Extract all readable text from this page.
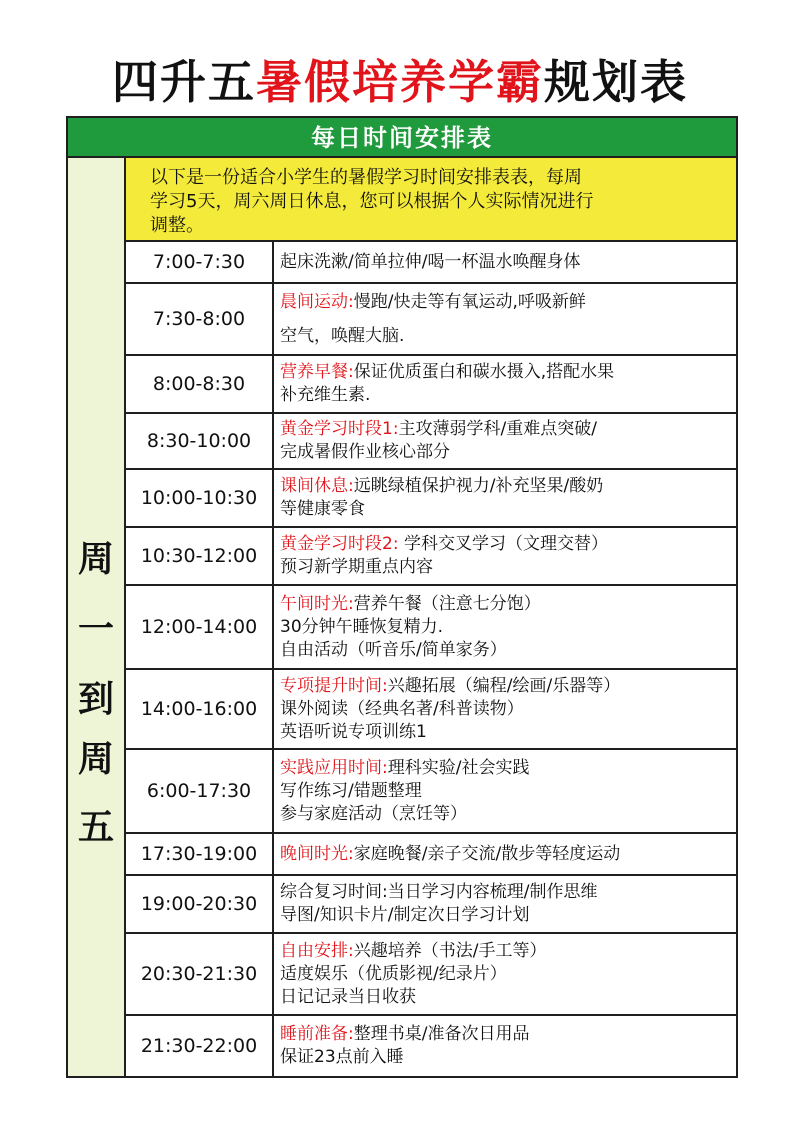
四升五暑假培养学霸规划表
每日时间安排表
周
一
到
周
五
以下是一份适合小学生的暑假学习时间安排表表，每周
学习5天，周六周日休息，您可以根据个人实际情况进行
调整。
7:00-7:30	起床洗漱/简单拉伸/喝一杯温水唤醒身体
7:30-8:00
晨间运动:慢跑/快走等有氧运动,呼吸新鲜
空气，唤醒大脑.
8:00-8:30
营养早餐:保证优质蛋白和碳水摄入,搭配水果
补充维生素.
8:30-10:00
黄金学习时段1:主攻薄弱学科/重难点突破/
完成暑假作业核心部分
10:00-10:30
课间休息:远眺绿植保护视力/补充坚果/酸奶
等健康零食
10:30-12:00
黄金学习时段2: 学科交叉学习（文理交替）
预习新学期重点内容
12:00-14:00
午间时光:营养午餐（注意七分饱）
30分钟午睡恢复精力.
自由活动（听音乐/简单家务）
14:00-16:00
专项提升时间:兴趣拓展（编程/绘画/乐器等）
课外阅读（经典名著/科普读物）
英语听说专项训练1
6:00-17:30
实践应用时间:理科实验/社会实践
写作练习/错题整理
参与家庭活动（烹饪等）
17:30-19:00	晚间时光:家庭晚餐/亲子交流/散步等轻度运动
19:00-20:30
综合复习时间:当日学习内容梳理/制作思维
导图/知识卡片/制定次日学习计划
20:30-21:30
自由安排:兴趣培养（书法/手工等）
适度娱乐（优质影视/纪录片）
日记记录当日收获
21:30-22:00
睡前准备:整理书桌/准备次日用品
保证23点前入睡
